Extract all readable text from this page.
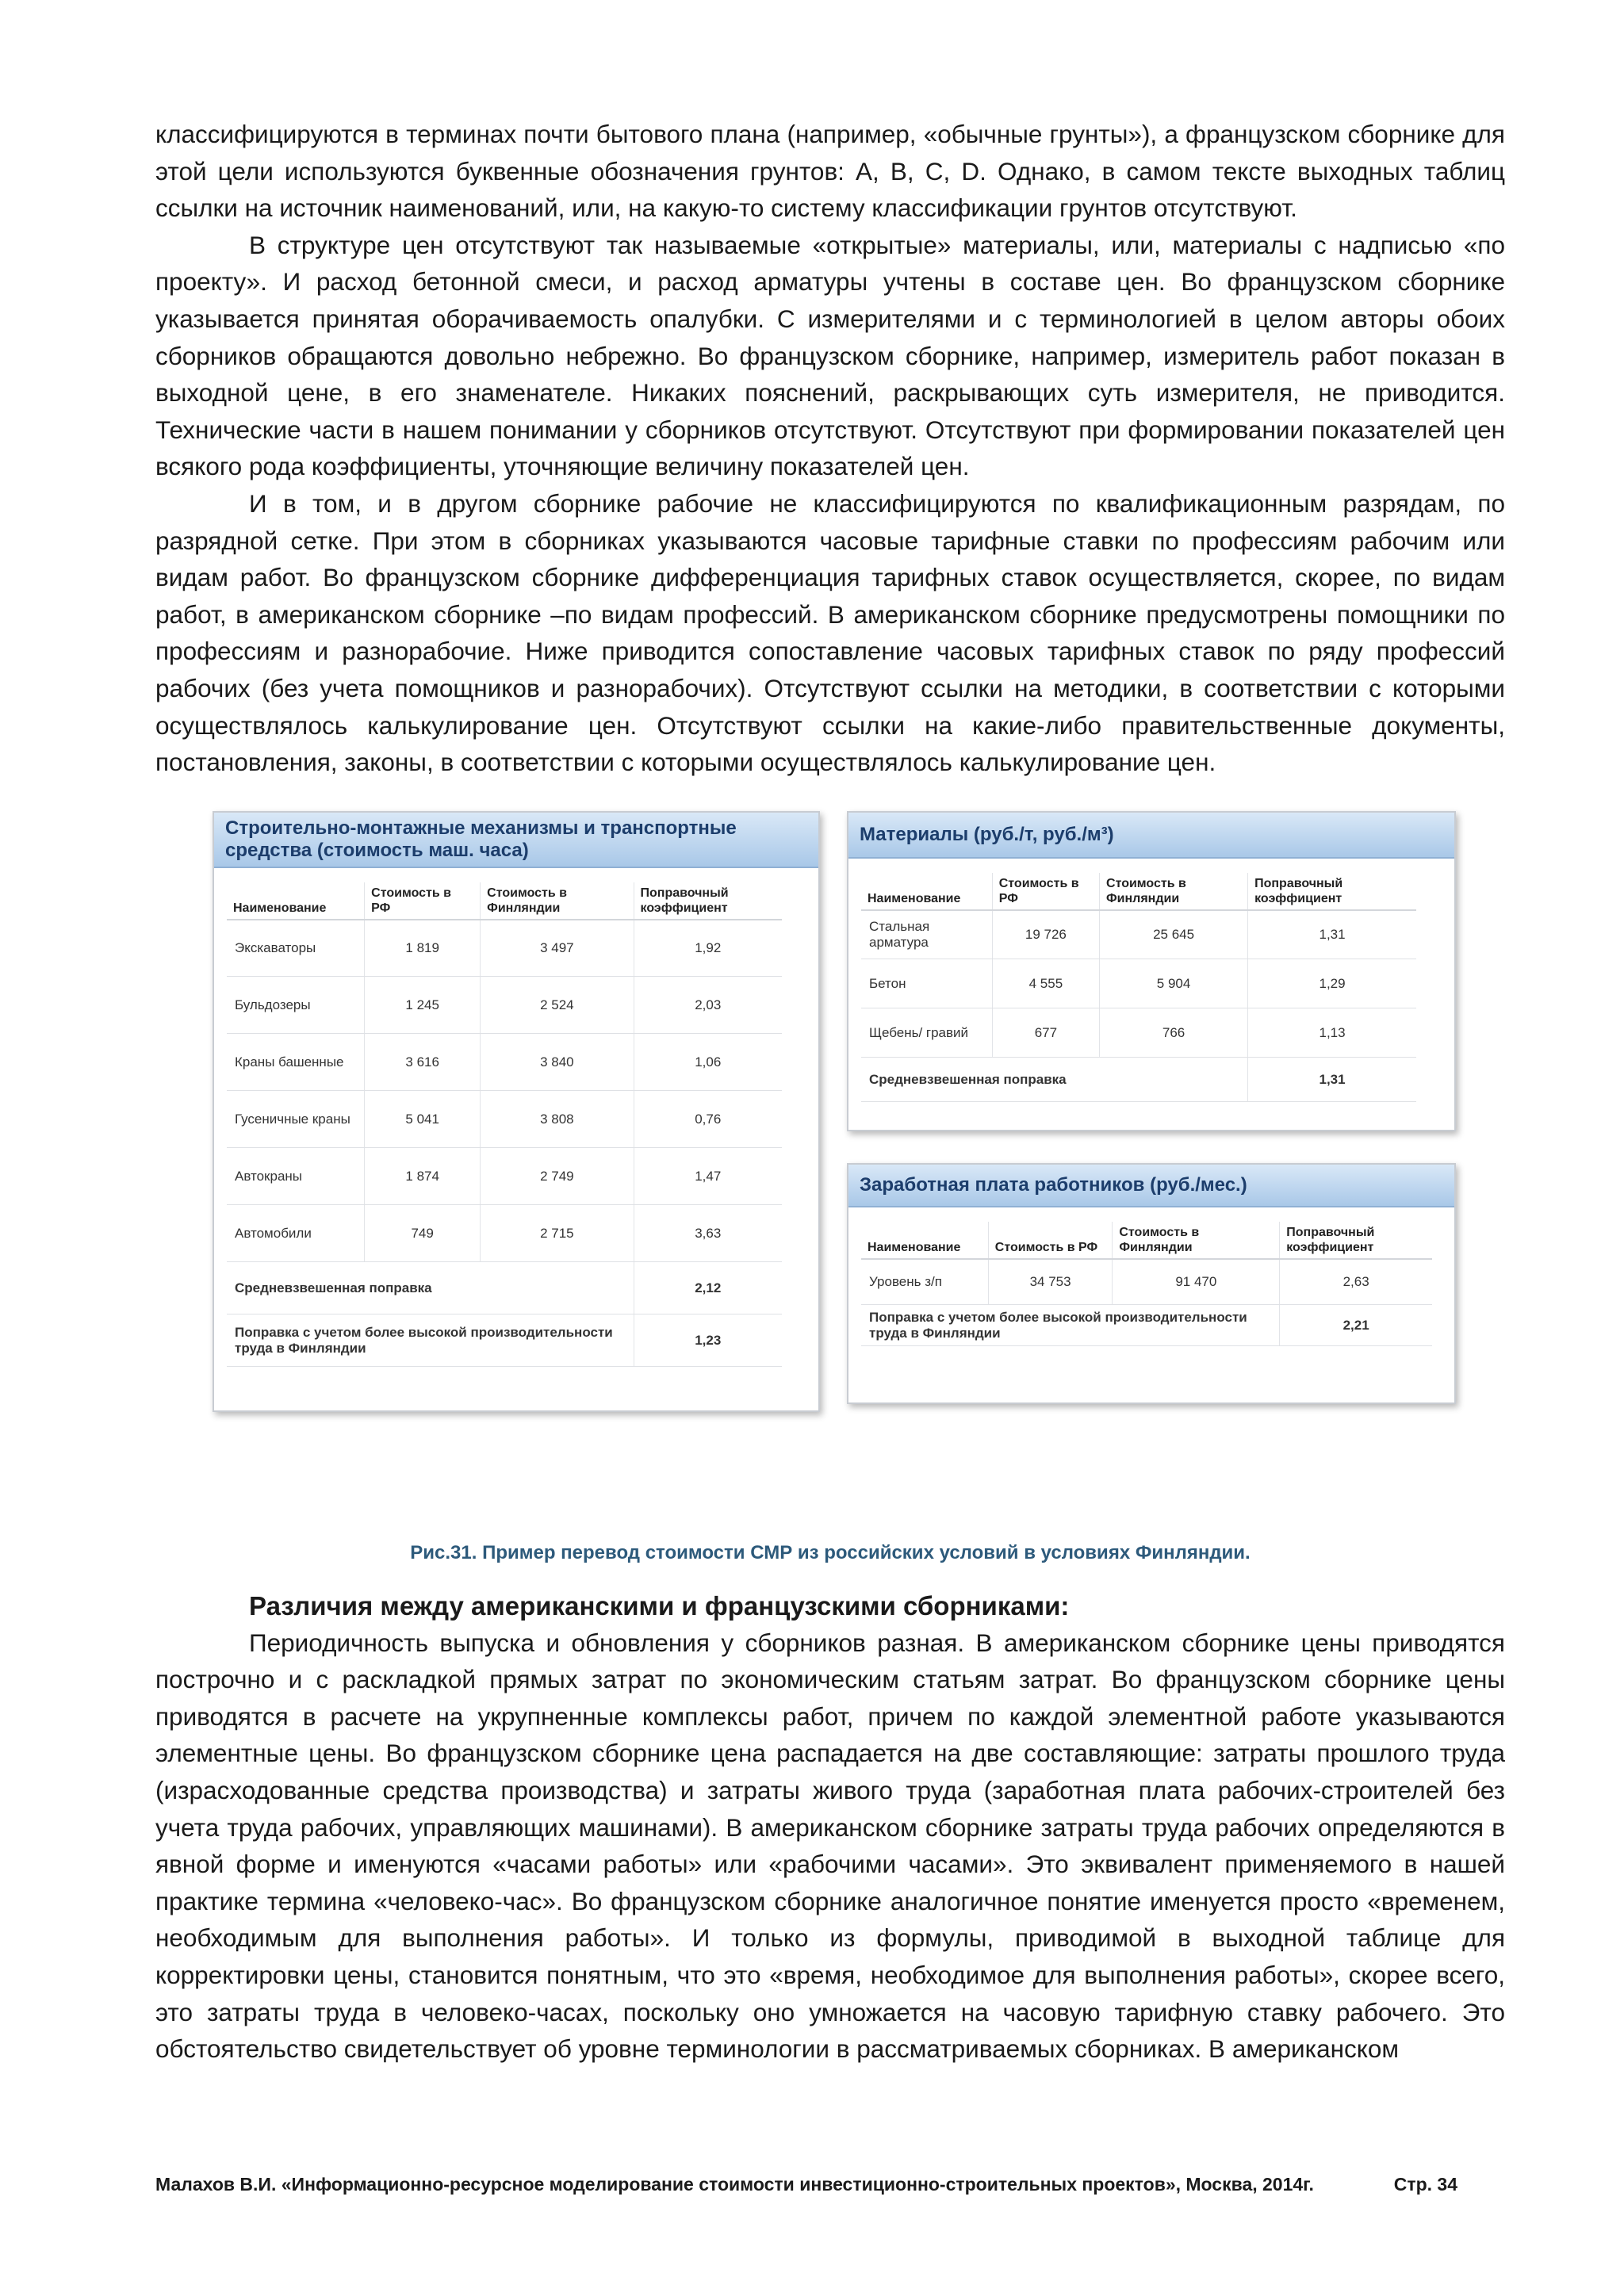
классифицируются в терминах почти бытового плана (например, «обычные грунты»), а французском сборнике для этой цели используются буквенные обозначения грунтов: A, B, C, D. Однако, в самом тексте выходных таблиц ссылки на источник наименований, или, на какую-то систему классификации грунтов отсутствуют.

В структуре цен отсутствуют так называемые «открытые» материалы, или, материалы с надписью «по проекту». И расход бетонной смеси, и расход арматуры учтены в составе цен. Во французском сборнике указывается принятая оборачиваемость опалубки. С измерителями и с терминологией в целом авторы обоих сборников обращаются довольно небрежно. Во французском сборнике, например, измеритель работ показан в выходной цене, в его знаменателе. Никаких пояснений, раскрывающих суть измерителя, не приводится. Технические части в нашем понимании у сборников отсутствуют. Отсутствуют при формировании показателей цен всякого рода коэффициенты, уточняющие величину показателей цен.

И в том, и в другом сборнике рабочие не классифицируются по квалификационным разрядам, по разрядной сетке. При этом в сборниках указываются часовые тарифные ставки по профессиям рабочим или видам работ. Во французском сборнике дифференциация тарифных ставок осуществляется, скорее, по видам работ, в американском сборнике –по видам профессий. В американском сборнике предусмотрены помощники по профессиям и разнорабочие. Ниже приводится сопоставление часовых тарифных ставок по ряду профессий рабочих (без учета помощников и разнорабочих). Отсутствуют ссылки на методики, в соответствии с которыми осуществлялось калькулирование цен. Отсутствуют ссылки на какие-либо правительственные документы, постановления, законы, в соответствии с которыми осуществлялось калькулирование цен.

Строительно-монтажные механизмы и транспортные средства (стоимость маш. часа)
Наименование	Стоимость в РФ	Стоимость в Финляндии	Поправочный коэффициент
Экскаваторы	1 819	3 497	1,92
Бульдозеры	1 245	2 524	2,03
Краны башенные	3 616	3 840	1,06
Гусеничные краны	5 041	3 808	0,76
Автокраны	1 874	2 749	1,47
Автомобили	749	2 715	3,63
Средневзвешенная поправка			2,12
Поправка с учетом более высокой производительности труда в Финляндии			1,23
Материалы (руб./т, руб./м³)
Наименование	Стоимость в РФ	Стоимость в Финляндии	Поправочный коэффициент
Стальная арматура	19 726	25 645	1,31
Бетон	4 555	5 904	1,29
Щебень/ гравий	677	766	1,13
Средневзвешенная поправка			1,31
Заработная плата работников (руб./мес.)
Наименование	Стоимость в РФ	Стоимость в Финляндии	Поправочный коэффициент
Уровень з/п	34 753	91 470	2,63
Поправка с учетом более высокой производительности труда в Финляндии			2,21
Рис.31. Пример перевод стоимости СМР из российских условий в условиях Финляндии.

Различия между американскими и французскими сборниками:

Периодичность выпуска и обновления у сборников разная. В американском сборнике цены приводятся построчно и с раскладкой прямых затрат по экономическим статьям затрат. Во французском сборнике цены приводятся в расчете на укрупненные комплексы работ, причем по каждой элементной работе указываются элементные цены. Во французском сборнике цена распадается на две составляющие: затраты прошлого труда (израсходованные средства производства) и затраты живого труда (заработная плата рабочих-строителей без учета труда рабочих, управляющих машинами). В американском сборнике затраты труда рабочих определяются в явной форме и именуются «часами работы» или «рабочими часами». Это эквивалент применяемого в нашей практике термина «человеко-час». Во французском сборнике аналогичное понятие именуется просто «временем, необходимым для выполнения работы». И только из формулы, приводимой в выходной таблице для корректировки цены, становится понятным, что это «время, необходимое для выполнения работы», скорее всего, это затраты труда в человеко-часах, поскольку оно умножается на часовую тарифную ставку рабочего. Это обстоятельство свидетельствует об уровне терминологии в рассматриваемых сборниках. В американском

Малахов В.И. «Информационно-ресурсное моделирование стоимости инвестиционно-строительных проектов», Москва, 2014г.	Стр. 34
